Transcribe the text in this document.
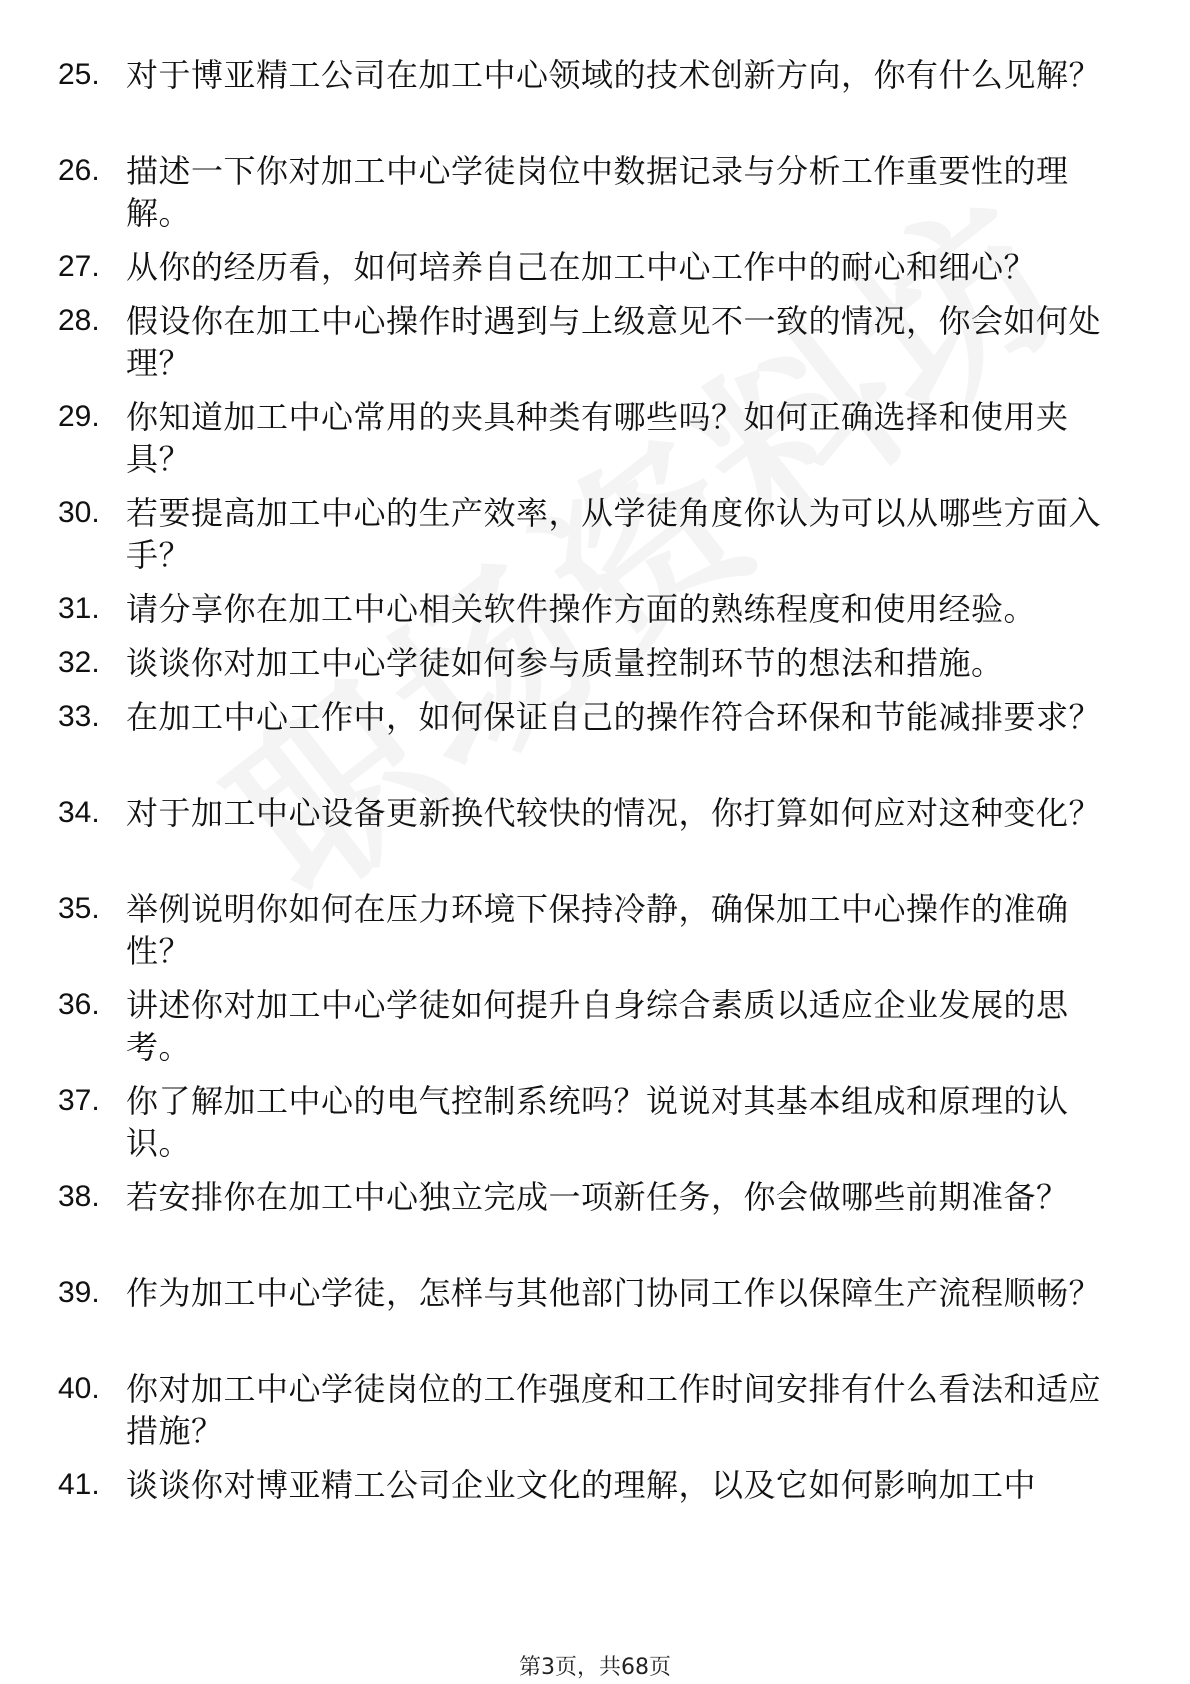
25. 对于博亚精工公司在加工中心领域的技术创新方向，你有什么见解？
26. 描述一下你对加工中心学徒岗位中数据记录与分析工作重要性的理解。
27. 从你的经历看，如何培养自己在加工中心工作中的耐心和细心？
28. 假设你在加工中心操作时遇到与上级意见不一致的情况，你会如何处理？
29. 你知道加工中心常用的夹具种类有哪些吗？如何正确选择和使用夹具？
30. 若要提高加工中心的生产效率，从学徒角度你认为可以从哪些方面入手？
31. 请分享你在加工中心相关软件操作方面的熟练程度和使用经验。
32. 谈谈你对加工中心学徒如何参与质量控制环节的想法和措施。
33. 在加工中心工作中，如何保证自己的操作符合环保和节能减排要求？
34. 对于加工中心设备更新换代较快的情况，你打算如何应对这种变化？
35. 举例说明你如何在压力环境下保持冷静，确保加工中心操作的准确性？
36. 讲述你对加工中心学徒如何提升自身综合素质以适应企业发展的思考。
37. 你了解加工中心的电气控制系统吗？说说对其基本组成和原理的认识。
38. 若安排你在加工中心独立完成一项新任务，你会做哪些前期准备？
39. 作为加工中心学徒，怎样与其他部门协同工作以保障生产流程顺畅？
40. 你对加工中心学徒岗位的工作强度和工作时间安排有什么看法和适应措施？
41. 谈谈你对博亚精工公司企业文化的理解，以及它如何影响加工中
第3页，共68页
